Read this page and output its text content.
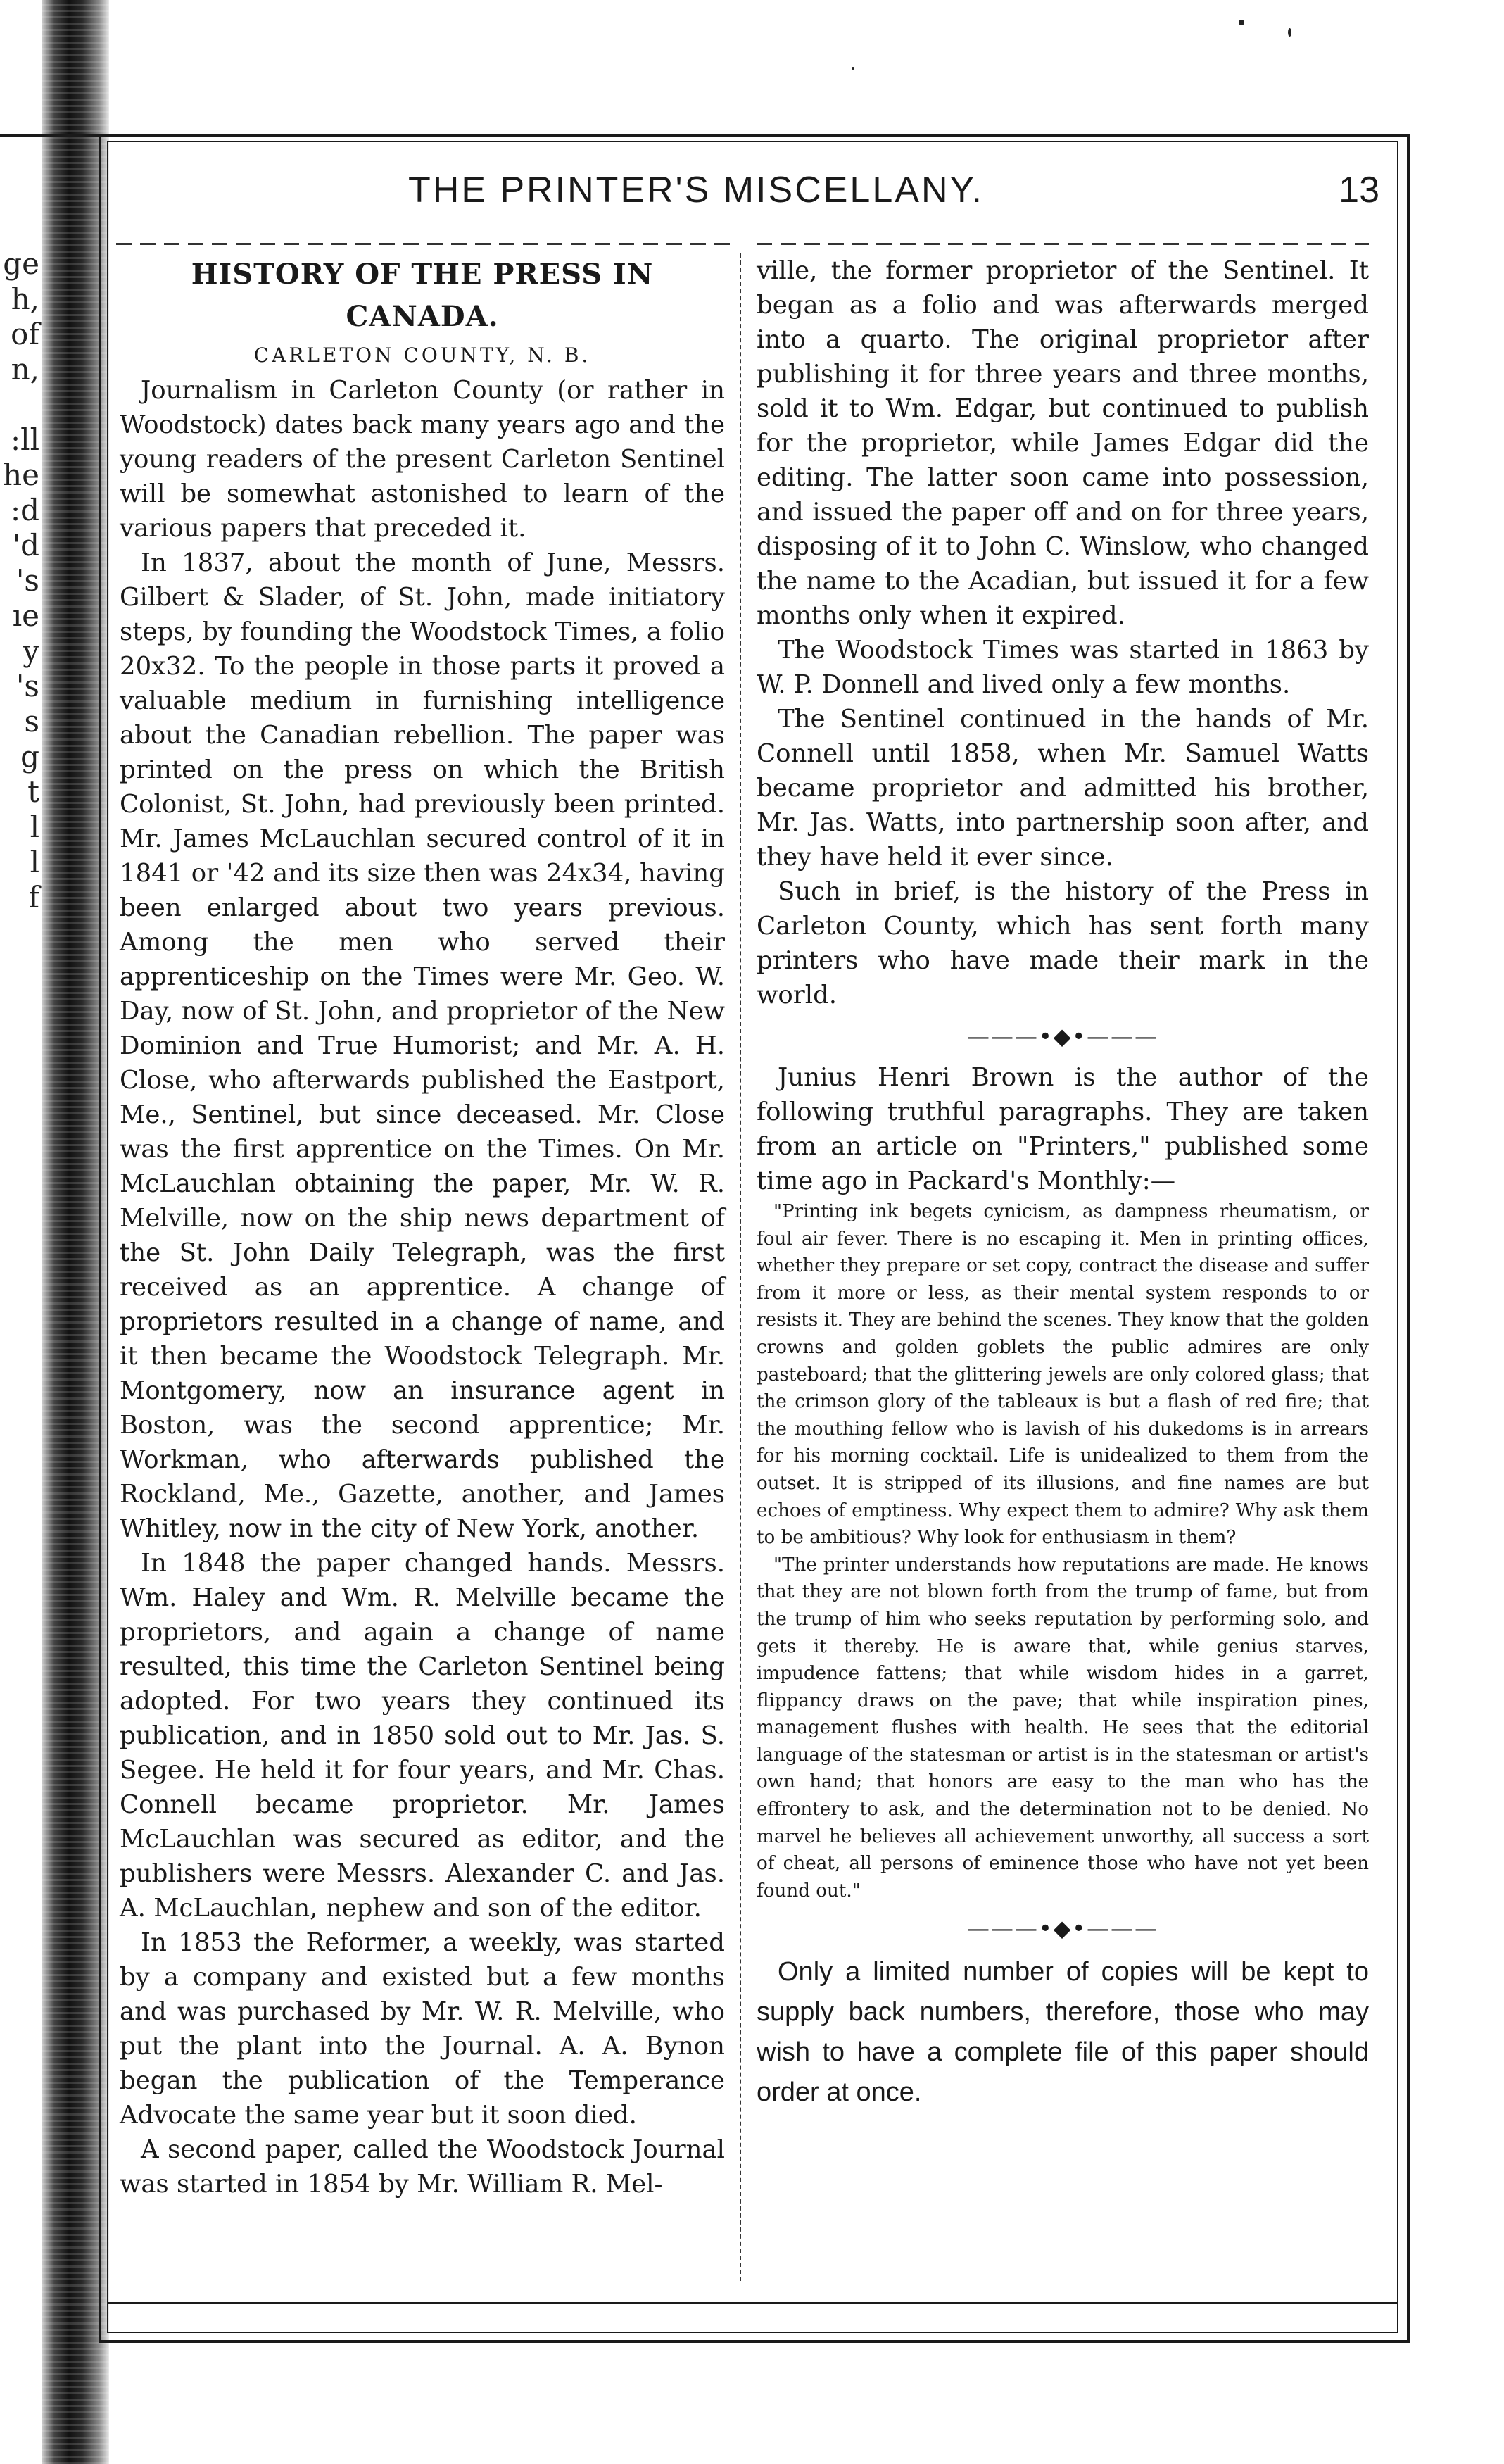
ge
h,
of
n,
:ll
he
:d
'd
's
ıe
y
's
s
g
t
l
l
f
THE PRINTER'S MISCELLANY.	13
HISTORY OF THE PRESS IN CANADA.
CARLETON COUNTY, N. B.

Journalism in Carleton County (or rather in Woodstock) dates back many years ago and the young readers of the present Carleton Sentinel will be somewhat astonished to learn of the various papers that preceded it.

In 1837, about the month of June, Messrs. Gilbert & Slader, of St. John, made initiatory steps, by founding the Woodstock Times, a folio 20x32. To the people in those parts it proved a valuable medium in furnishing intelligence about the Canadian rebellion. The paper was printed on the press on which the British Colonist, St. John, had previously been printed. Mr. James McLauchlan secured control of it in 1841 or '42 and its size then was 24x34, having been enlarged about two years previous. Among the men who served their apprenticeship on the Times were Mr. Geo. W. Day, now of St. John, and proprietor of the New Dominion and True Humorist; and Mr. A. H. Close, who afterwards published the Eastport, Me., Sentinel, but since deceased. Mr. Close was the first apprentice on the Times. On Mr. McLauchlan obtaining the paper, Mr. W. R. Melville, now on the ship news department of the St. John Daily Telegraph, was the first received as an apprentice. A change of proprietors resulted in a change of name, and it then became the Woodstock Telegraph. Mr. Montgomery, now an insurance agent in Boston, was the second apprentice; Mr. Workman, who afterwards published the Rockland, Me., Gazette, another, and James Whitley, now in the city of New York, another.

In 1848 the paper changed hands. Messrs. Wm. Haley and Wm. R. Melville became the proprietors, and again a change of name resulted, this time the Carleton Sentinel being adopted. For two years they continued its publication, and in 1850 sold out to Mr. Jas. S. Segee. He held it for four years, and Mr. Chas. Connell became proprietor. Mr. James McLauchlan was secured as editor, and the publishers were Messrs. Alexander C. and Jas. A. McLauchlan, nephew and son of the editor.

In 1853 the Reformer, a weekly, was started by a company and existed but a few months and was purchased by Mr. W. R. Melville, who put the plant into the Journal. A. A. Bynon began the publication of the Temperance Advocate the same year but it soon died.

A second paper, called the Woodstock Journal was started in 1854 by Mr. William R. Mel-

ville, the former proprietor of the Sentinel. It began as a folio and was afterwards merged into a quarto. The original proprietor after publishing it for three years and three months, sold it to Wm. Edgar, but continued to publish for the proprietor, while James Edgar did the editing. The latter soon came into possession, and issued the paper off and on for three years, disposing of it to John C. Winslow, who changed the name to the Acadian, but issued it for a few months only when it expired.

The Woodstock Times was started in 1863 by W. P. Donnell and lived only a few months.

The Sentinel continued in the hands of Mr. Connell until 1858, when Mr. Samuel Watts became proprietor and admitted his brother, Mr. Jas. Watts, into partnership soon after, and they have held it ever since.

Such in brief, is the history of the Press in Carleton County, which has sent forth many printers who have made their mark in the world.

———•◆•———

Junius Henri Brown is the author of the following truthful paragraphs. They are taken from an article on "Printers," published some time ago in Packard's Monthly:—

"Printing ink begets cynicism, as dampness rheumatism, or foul air fever. There is no escaping it. Men in printing offices, whether they prepare or set copy, contract the disease and suffer from it more or less, as their mental system responds to or resists it. They are behind the scenes. They know that the golden crowns and golden goblets the public admires are only pasteboard; that the glittering jewels are only colored glass; that the crimson glory of the tableaux is but a flash of red fire; that the mouthing fellow who is lavish of his dukedoms is in arrears for his morning cocktail. Life is unidealized to them from the outset. It is stripped of its illusions, and fine names are but echoes of emptiness. Why expect them to admire? Why ask them to be ambitious? Why look for enthusiasm in them?

"The printer understands how reputations are made. He knows that they are not blown forth from the trump of fame, but from the trump of him who seeks reputation by performing solo, and gets it thereby. He is aware that, while genius starves, impudence fattens; that while wisdom hides in a garret, flippancy draws on the pave; that while inspiration pines, management flushes with health. He sees that the editorial language of the statesman or artist is in the statesman or artist's own hand; that honors are easy to the man who has the effrontery to ask, and the determination not to be denied. No marvel he believes all achievement unworthy, all success a sort of cheat, all persons of eminence those who have not yet been found out."

———•◆•———

Only a limited number of copies will be kept to supply back numbers, therefore, those who may wish to have a complete file of this paper should order at once.
